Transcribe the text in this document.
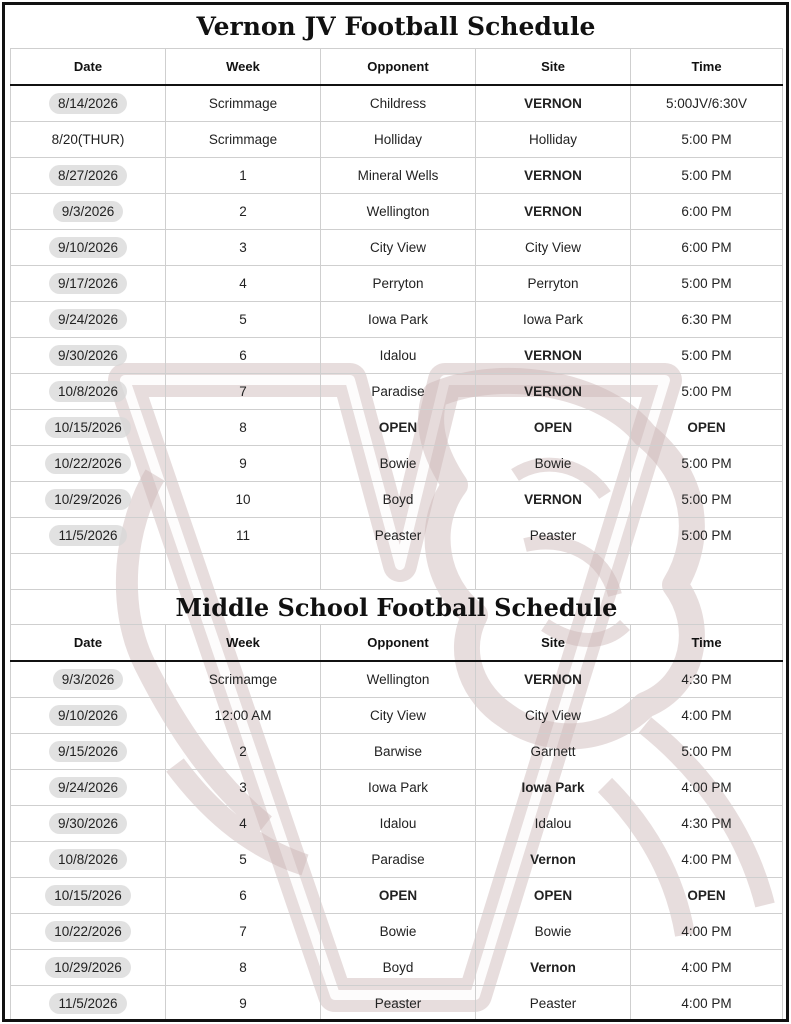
Vernon JV Football Schedule
Date	Week	Opponent	Site	Time
8/14/2026	Scrimmage	Childress	VERNON	5:00JV/6:30V
8/20(THUR)	Scrimmage	Holliday	Holliday	5:00 PM
8/27/2026	1	Mineral Wells	VERNON	5:00 PM
9/3/2026	2	Wellington	VERNON	6:00 PM
9/10/2026	3	City View	City View	6:00 PM
9/17/2026	4	Perryton	Perryton	5:00 PM
9/24/2026	5	Iowa Park	Iowa Park	6:30 PM
9/30/2026	6	Idalou	VERNON	5:00 PM
10/8/2026	7	Paradise	VERNON	5:00 PM
10/15/2026	8	OPEN	OPEN	OPEN
10/22/2026	9	Bowie	Bowie	5:00 PM
10/29/2026	10	Boyd	VERNON	5:00 PM
11/5/2026	11	Peaster	Peaster	5:00 PM

Middle School Football Schedule				
Date	Week	Opponent	Site	Time
9/3/2026	Scrimamge	Wellington	VERNON	4:30 PM
9/10/2026	12:00 AM	City View	City View	4:00 PM
9/15/2026	2	Barwise	Garnett	5:00 PM
9/24/2026	3	Iowa Park	Iowa Park	4:00 PM
9/30/2026	4	Idalou	Idalou	4:30 PM
10/8/2026	5	Paradise	Vernon	4:00 PM
10/15/2026	6	OPEN	OPEN	OPEN
10/22/2026	7	Bowie	Bowie	4:00 PM
10/29/2026	8	Boyd	Vernon	4:00 PM
11/5/2026	9	Peaster	Peaster	4:00 PM
